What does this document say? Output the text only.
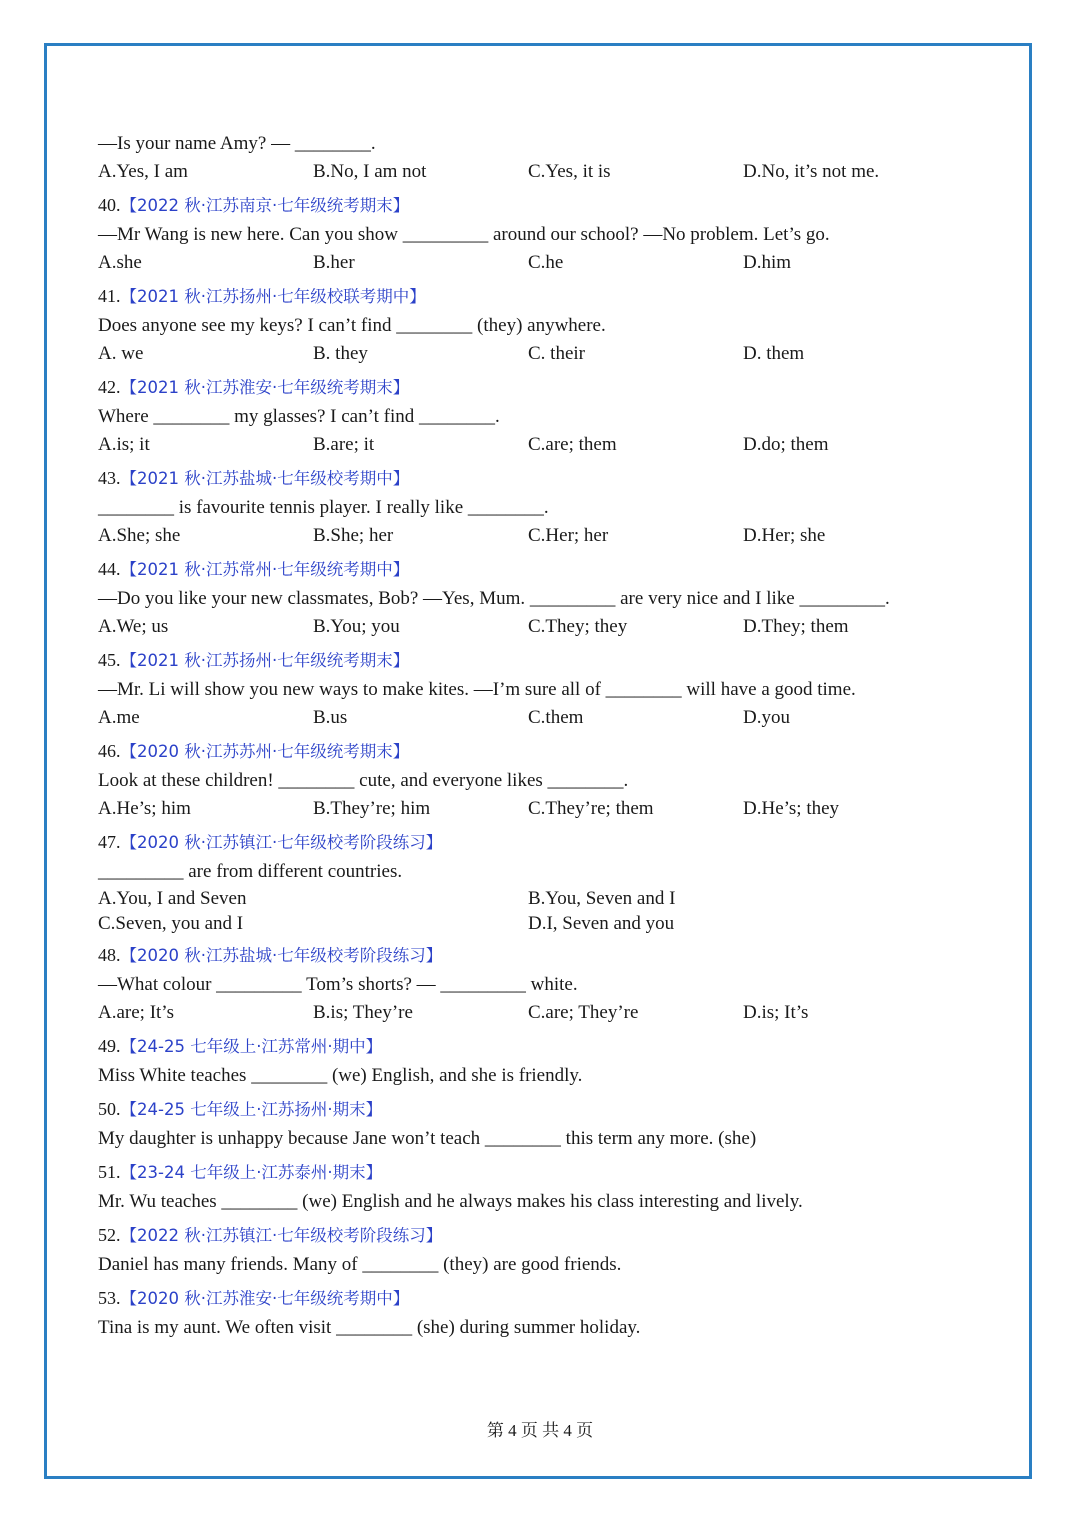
—Is your name Amy? — ________.
A.Yes, I am	B.No, I am not	C.Yes, it is	D.No, it’s not me.
40.【2022 秋·江苏南京·七年级统考期末】
—Mr Wang is new here. Can you show _________ around our school? —No problem. Let’s go.
A.she	B.her	C.he	D.him
41.【2021 秋·江苏扬州·七年级校联考期中】
Does anyone see my keys? I can’t find ________ (they) anywhere.
A. we	B. they	C. their	D. them
42.【2021 秋·江苏淮安·七年级统考期末】
Where ________ my glasses? I can’t find ________.
A.is; it	B.are; it	C.are; them	D.do; them
43.【2021 秋·江苏盐城·七年级校考期中】
________ is favourite tennis player. I really like ________.
A.She; she	B.She; her	C.Her; her	D.Her; she
44.【2021 秋·江苏常州·七年级统考期中】
—Do you like your new classmates, Bob? —Yes, Mum. _________ are very nice and I like _________.
A.We; us	B.You; you	C.They; they	D.They; them
45.【2021 秋·江苏扬州·七年级统考期末】
—Mr. Li will show you new ways to make kites. —I’m sure all of ________ will have a good time.
A.me	B.us	C.them	D.you
46.【2020 秋·江苏苏州·七年级统考期末】
Look at these children! ________ cute, and everyone likes ________.
A.He’s; him	B.They’re; him	C.They’re; them	D.He’s; they
47.【2020 秋·江苏镇江·七年级校考阶段练习】
_________ are from different countries.
A.You, I and Seven	B.You, Seven and I
C.Seven, you and I	D.I, Seven and you
48.【2020 秋·江苏盐城·七年级校考阶段练习】
—What colour _________ Tom’s shorts? — _________ white.
A.are; It’s	B.is; They’re	C.are; They’re	D.is; It’s
49.【24-25 七年级上·江苏常州·期中】
Miss White teaches ________ (we) English, and she is friendly.
50.【24-25 七年级上·江苏扬州·期末】
My daughter is unhappy because Jane won’t teach ________ this term any more. (she)
51.【23-24 七年级上·江苏泰州·期末】
Mr. Wu teaches ________ (we) English and he always makes his class interesting and lively.
52.【2022 秋·江苏镇江·七年级校考阶段练习】
Daniel has many friends. Many of ________ (they) are good friends.
53.【2020 秋·江苏淮安·七年级统考期中】
Tina is my aunt. We often visit ________ (she) during summer holiday.
第 4 页 共 4 页
